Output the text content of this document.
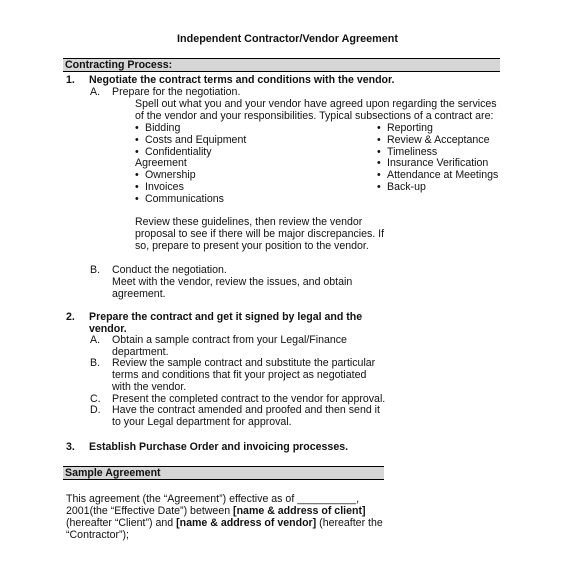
Independent Contractor/Vendor Agreement
Contracting Process:
1. Negotiate the contract terms and conditions with the vendor.
A. Prepare for the negotiation.
Spell out what you and your vendor have agreed upon regarding the services
of the vendor and your responsibilities. Typical subsections of a contract are:
• Bidding
• Costs and Equipment
• Confidentiality
Agreement
• Ownership
• Invoices
• Communications
• Reporting
• Review & Acceptance
• Timeliness
• Insurance Verification
• Attendance at Meetings
• Back-up
Review these guidelines, then review the vendor
proposal to see if there will be major discrepancies. If
so, prepare to present your position to the vendor.
B. Conduct the negotiation.
Meet with the vendor, review the issues, and obtain
agreement.
2. Prepare the contract and get it signed by legal and the
vendor.
A. Obtain a sample contract from your Legal/Finance
department.
B. Review the sample contract and substitute the particular
terms and conditions that fit your project as negotiated
with the vendor.
C. Present the completed contract to the vendor for approval.
D. Have the contract amended and proofed and then send it
to your Legal department for approval.
3. Establish Purchase Order and invoicing processes.
Sample Agreement
This agreement (the “Agreement”) effective as of __________,
2001(the “Effective Date”) between [name & address of client]
(hereafter “Client”) and [name & address of vendor] (hereafter the
“Contractor”);
